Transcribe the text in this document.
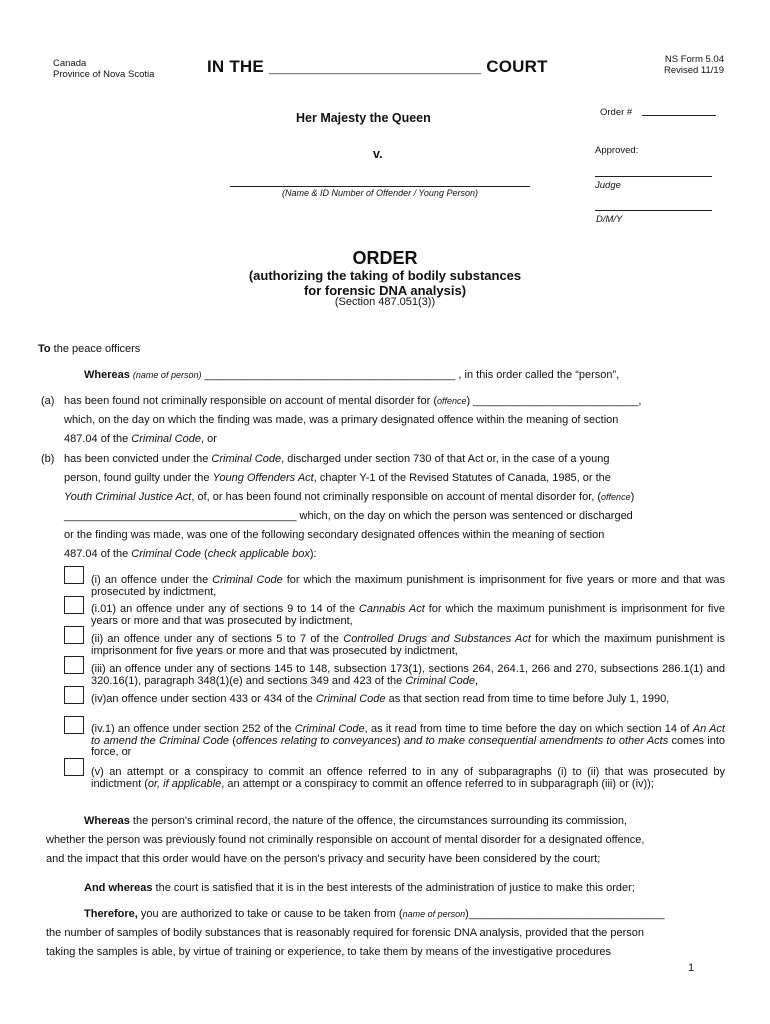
Canada
Province of Nova Scotia	IN THE ______________________ COURT	NS Form 5.04
Revised 11/19
Her Majesty the Queen
v.
(Name & ID Number of Offender / Young Person)
Order #
Approved:
Judge
D/M/Y
ORDER
(authorizing the taking of bodily substances
for forensic DNA analysis)
(Section 487.051(3))
To the peace officers
Whereas (name of person) _________________________________________ , in this order called the “person”,
(a) has been found not criminally responsible on account of mental disorder for (offence) ___________________________,
which, on the day on which the finding was made, was a primary designated offence within the meaning of section
487.04 of the Criminal Code, or
(b) has been convicted under the Criminal Code, discharged under section 730 of that Act or, in the case of a young
person, found guilty under the Young Offenders Act, chapter Y-1 of the Revised Statutes of Canada, 1985, or the
Youth Criminal Justice Act, of, or has been found not criminally responsible on account of mental disorder for, (offence)
______________________________________ which, on the day on which the person was sentenced or discharged
or the finding was made, was one of the following secondary designated offences within the meaning of section
487.04 of the Criminal Code (check applicable box):
(i) an offence under the Criminal Code for which the maximum punishment is imprisonment for five years or more and that was prosecuted by indictment,
(i.01) an offence under any of sections 9 to 14 of the Cannabis Act for which the maximum punishment is imprisonment for five years or more and that was prosecuted by indictment,
(ii) an offence under any of sections 5 to 7 of the Controlled Drugs and Substances Act for which the maximum punishment is imprisonment for five years or more and that was prosecuted by indictment,
(iii) an offence under any of sections 145 to 148, subsection 173(1), sections 264, 264.1, 266 and 270, subsections 286.1(1) and 320.16(1), paragraph 348(1)(e) and sections 349 and 423 of the Criminal Code,
(iv)an offence under section 433 or 434 of the Criminal Code as that section read from time to time before July 1, 1990,
(iv.1) an offence under section 252 of the Criminal Code, as it read from time to time before the day on which section 14 of An Act to amend the Criminal Code (offences relating to conveyances) and to make consequential amendments to other Acts comes into force, or
(v) an attempt or a conspiracy to commit an offence referred to in any of subparagraphs (i) to (ii) that was prosecuted by indictment (or, if applicable, an attempt or a conspiracy to commit an offence referred to in subparagraph (iii) or (iv));
Whereas the person's criminal record, the nature of the offence, the circumstances surrounding its commission,
whether the person was previously found not criminally responsible on account of mental disorder for a designated offence,
and the impact that this order would have on the person's privacy and security have been considered by the court;
And whereas the court is satisfied that it is in the best interests of the administration of justice to make this order;
Therefore, you are authorized to take or cause to be taken from (name of person)________________________________
the number of samples of bodily substances that is reasonably required for forensic DNA analysis, provided that the person
taking the samples is able, by virtue of training or experience, to take them by means of the investigative procedures
1
